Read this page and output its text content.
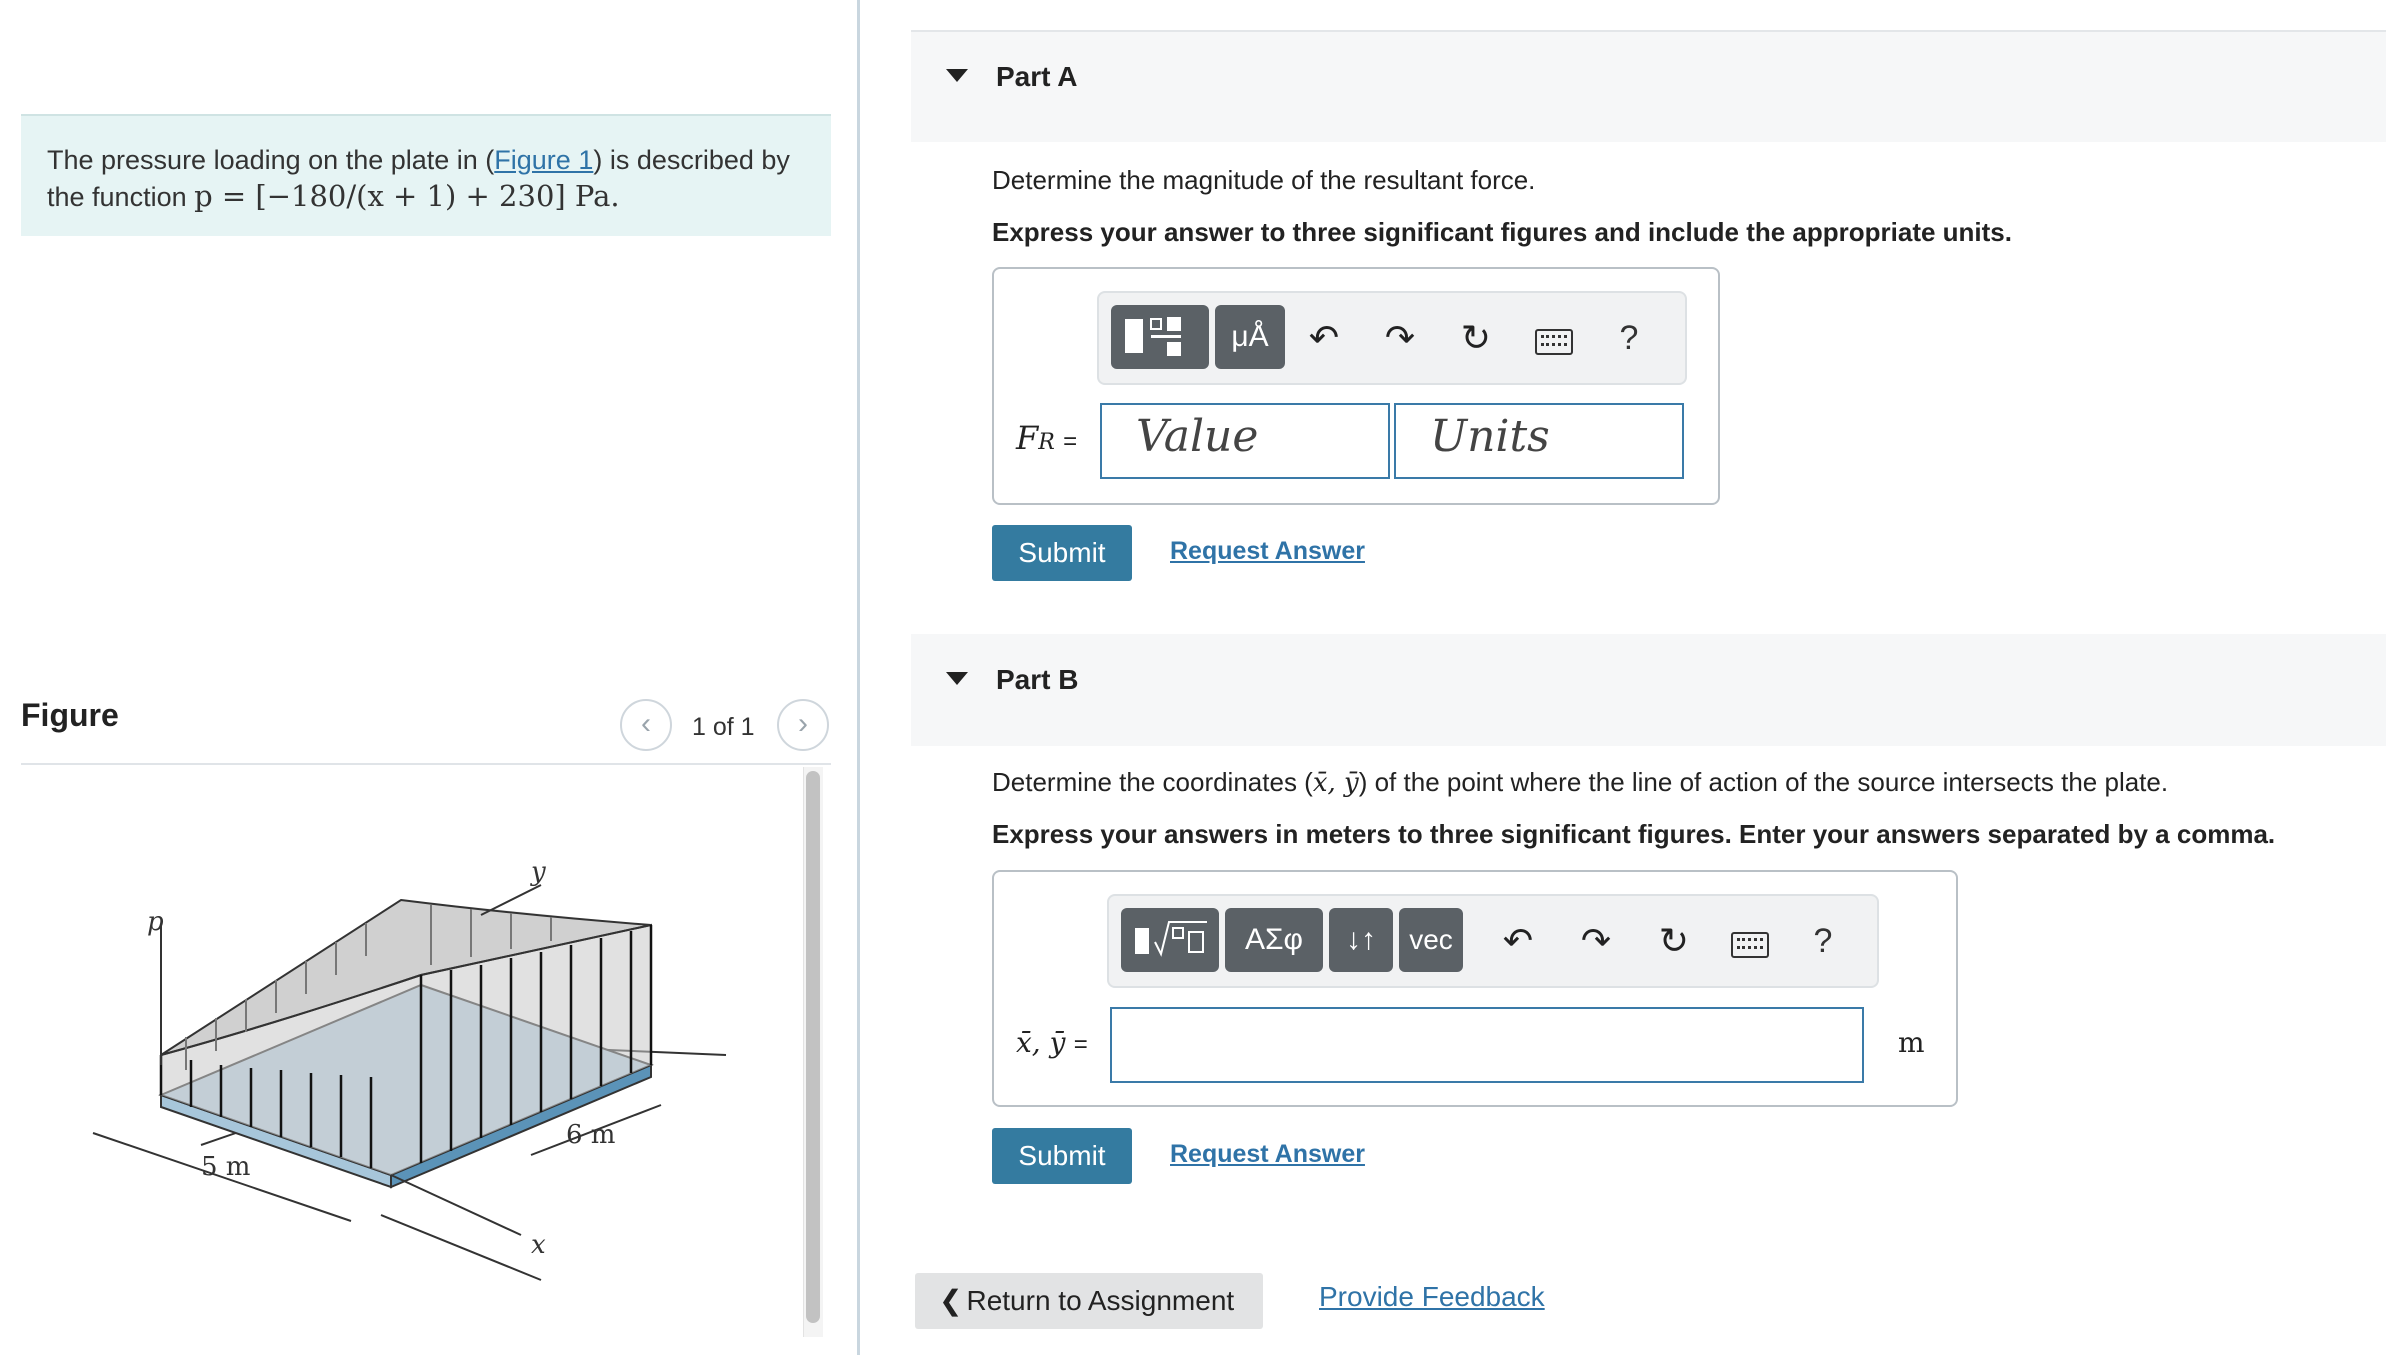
The pressure loading on the plate in (Figure 1) is described by
the function p = [−180/(x + 1) + 230] Pa.
Figure	‹	1 of 1	›
p
y
x
5 m
6 m
Part A
Determine the magnitude of the resultant force.
Express your answer to three significant figures and include the appropriate units.
μÅ	↶ ↷ ↻	?
FR = Value	Units
Submit	Request Answer
Part B
Determine the coordinates (x̄, ȳ) of the point where the line of action of the source intersects the plate.
Express your answers in meters to three significant figures. Enter your answers separated by a comma.
ΑΣφ	↓↑	vec ↶ ↷ ↻	?
x̄, ȳ =	m
Submit	Request Answer
❮ Return to Assignment	Provide Feedback
